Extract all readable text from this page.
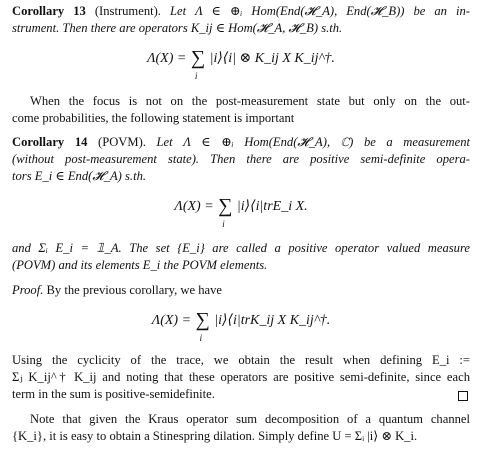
Corollary 13 (Instrument). Let Λ ∈ ⊕ᵢ Hom(End(𝓗_A), End(𝓗_B)) be an in-

strument. Then there are operators K_ij ∈ Hom(𝓗_A, 𝓗_B) s.th.

Λ(X) = ∑
i
|i⟩⟨i| ⊗ K_ij X K_ij^†.

When the focus is not on the post-measurement state but only on the out-

come probabilities, the following statement is important

Corollary 14 (POVM). Let Λ ∈ ⊕ᵢ Hom(End(𝓗_A), ℂ) be a measurement

(without post-measurement state). Then there are positive semi-definite opera-

tors E_i ∈ End(𝓗_A) s.th.

Λ(X) = ∑
i
|i⟩⟨i|trE_i X.

and Σᵢ E_i = 𝟙_A. The set {E_i} are called a positive operator valued measure

(POVM) and its elements E_i the POVM elements.

Proof. By the previous corollary, we have

Λ(X) = ∑
i
|i⟩⟨i|trK_ij X K_ij^†.

Using the cyclicity of the trace, we obtain the result when defining E_i :=

Σⱼ K_ij^† K_ij and noting that these operators are positive semi-definite, since each

term in the sum is positive-semidefinite.

Note that given the Kraus operator sum decomposition of a quantum channel

{K_i}, it is easy to obtain a Stinespring dilation. Simply define U = Σᵢ |i⟩ ⊗ K_i.
